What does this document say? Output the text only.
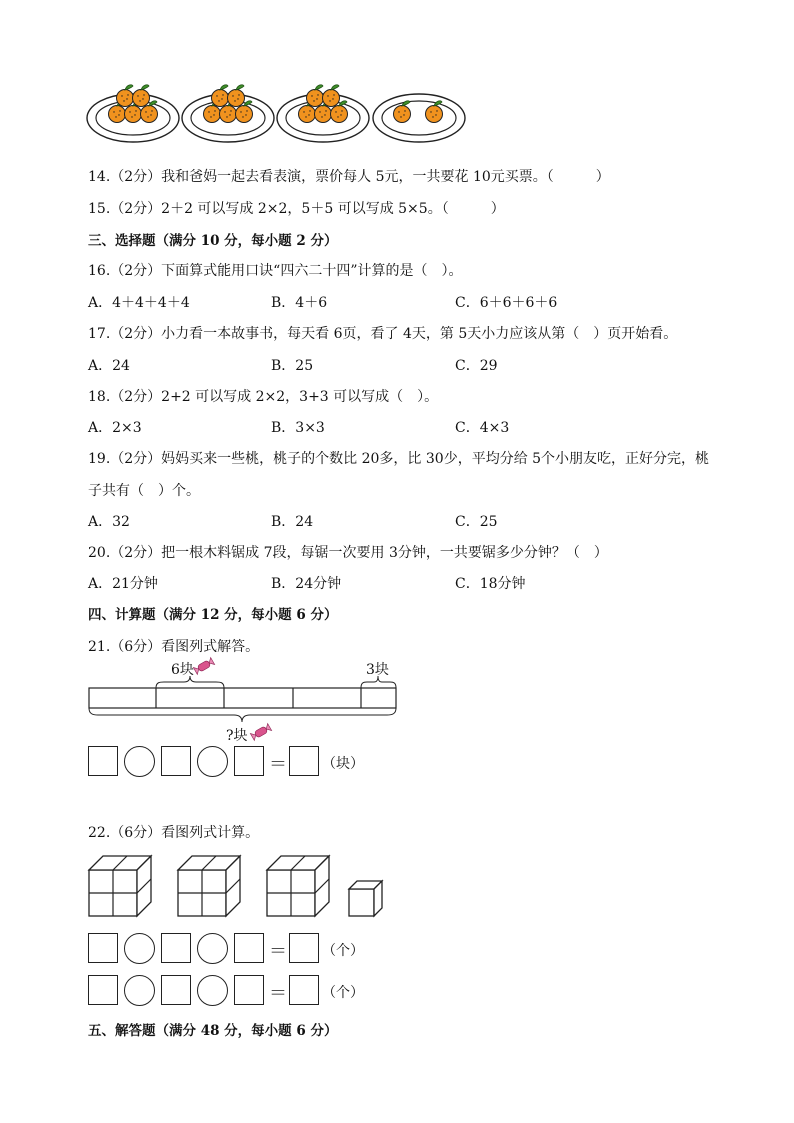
14.（2分）我和爸妈一起去看表演，票价每人 5元，一共要花 10元买票。（　　　）
15.（2分）2＋2 可以写成 2×2，5＋5 可以写成 5×5。（　　　）
三、选择题（满分 10 分，每小题 2 分）
16.（2分）下面算式能用口诀“四六二十四”计算的是（　）。
A．4＋4＋4＋4	B．4＋6	C．6＋6＋6＋6
17.（2分）小力看一本故事书，每天看 6页，看了 4天，第 5天小力应该从第（　）页开始看。
A．24	B．25	C．29
18.（2分）2+2 可以写成 2×2，3+3 可以写成（　）。
A．2×3	B．3×3	C．4×3
19.（2分）妈妈买来一些桃，桃子的个数比 20多，比 30少，平均分给 5个小朋友吃，正好分完，桃
子共有（　）个。
A．32	B．24	C．25
20.（2分）把一根木料锯成 7段，每锯一次要用 3分钟，一共要锯多少分钟？（　）
A．21分钟	B．24分钟	C．18分钟
四、计算题（满分 12 分，每小题 6 分）
21.（6分）看图列式解答。
6块	3块
?块
＝	（块）
22.（6分）看图列式计算。
＝	（个）
＝	（个）
五、解答题（满分 48 分，每小题 6 分）
